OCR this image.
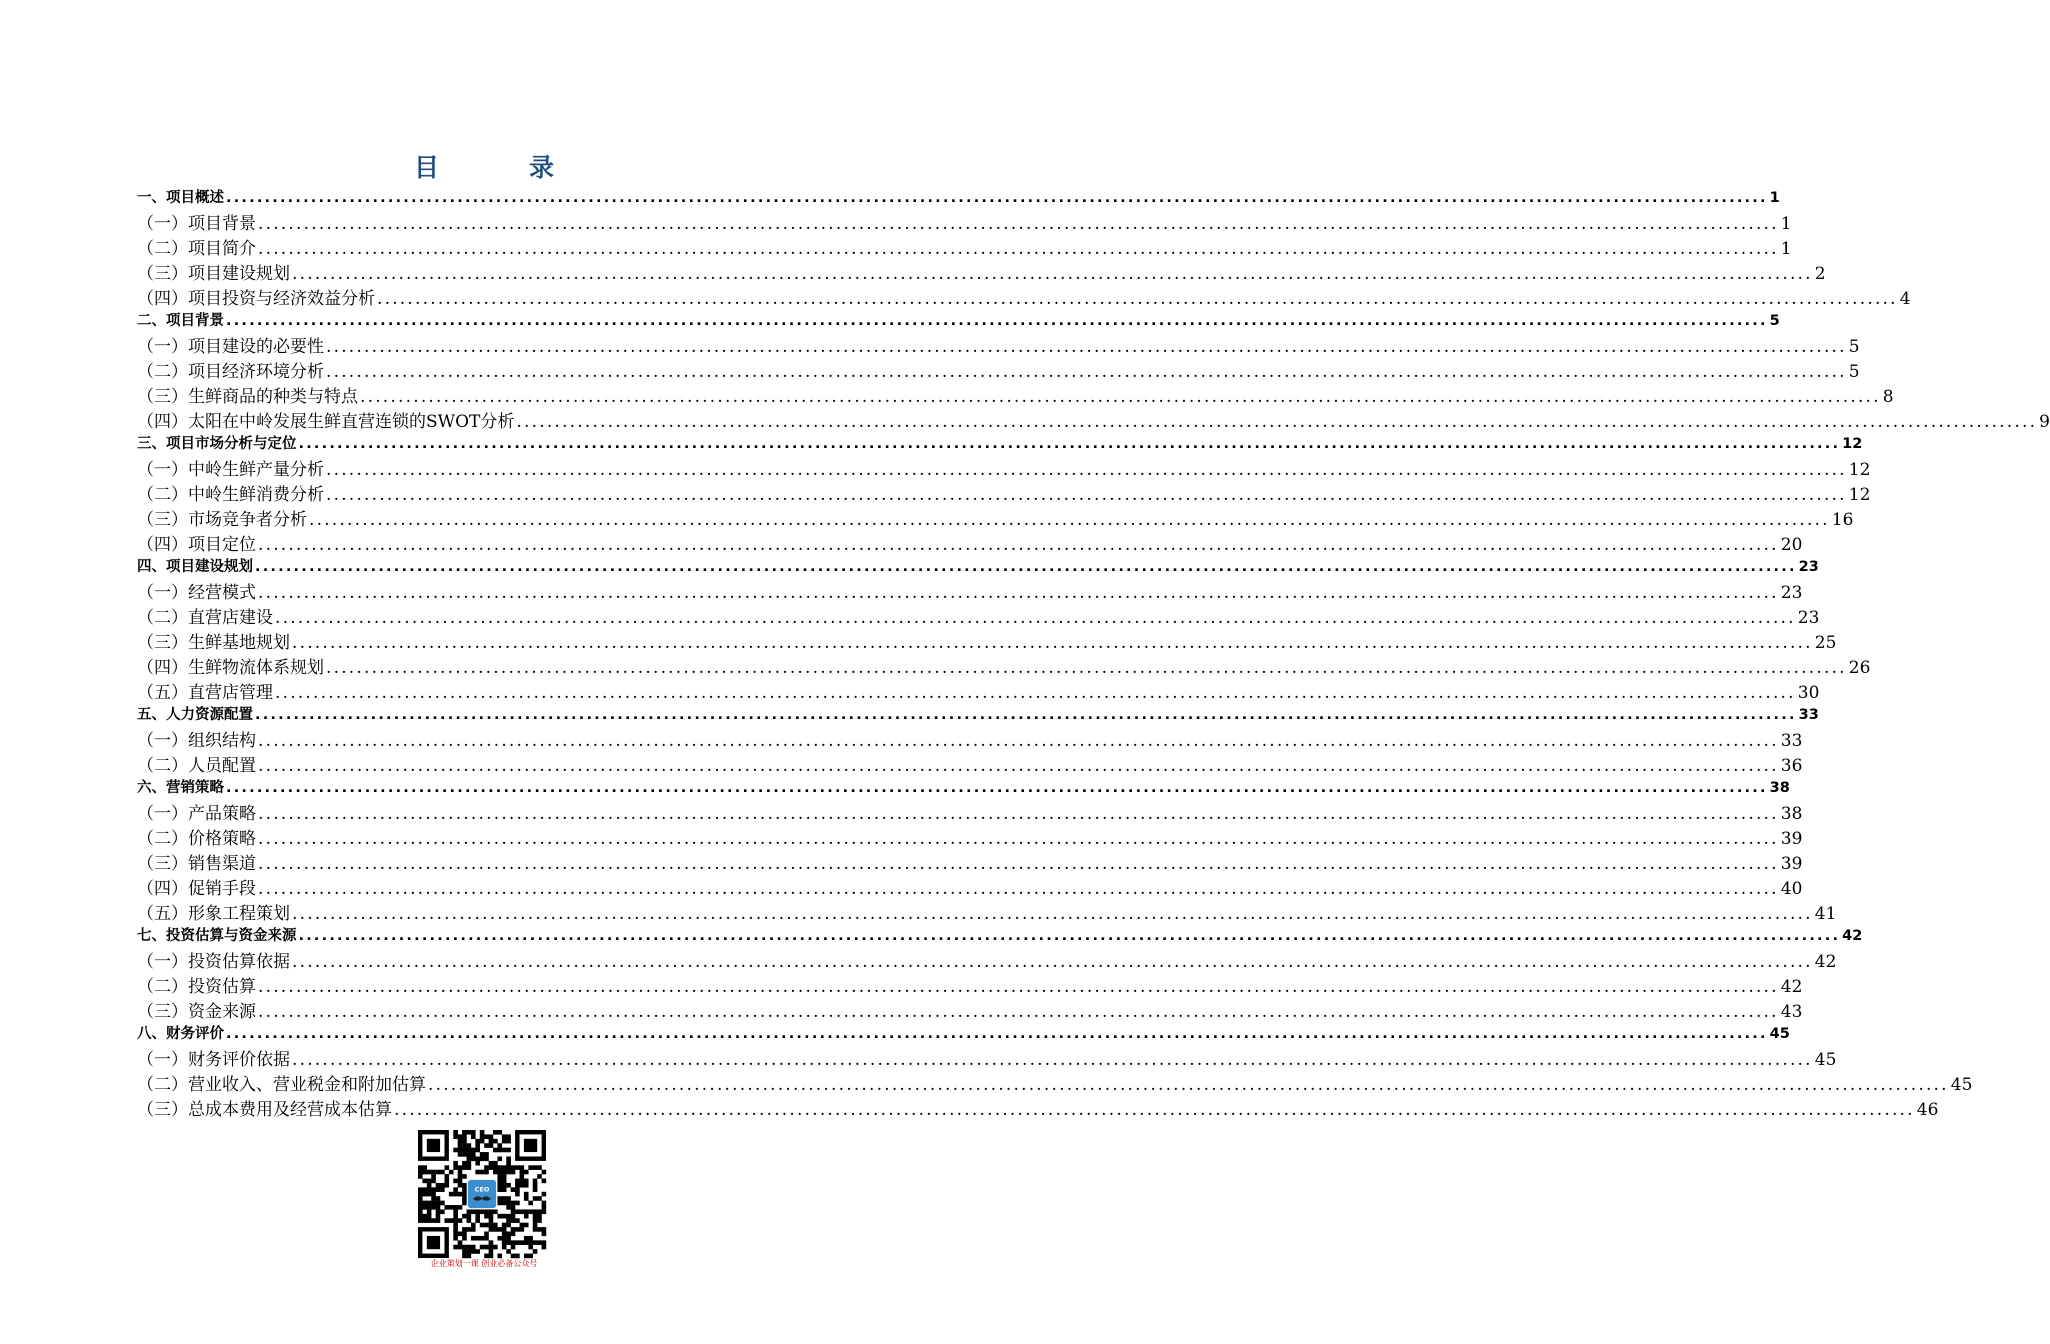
目	录
一、项目概述 ........................................................................................................................................................................................................ 1
（一）项目背景 ........................................................................................................................................................................................................ 1
（二）项目简介 ........................................................................................................................................................................................................ 1
（三）项目建设规划 ........................................................................................................................................................................................................ 2
（四）项目投资与经济效益分析 ........................................................................................................................................................................................................ 4
二、项目背景 ........................................................................................................................................................................................................ 5
（一）项目建设的必要性 ........................................................................................................................................................................................................ 5
（二）项目经济环境分析 ........................................................................................................................................................................................................ 5
（三）生鲜商品的种类与特点 ........................................................................................................................................................................................................ 8
（四）太阳在中岭发展生鲜直营连锁的SWOT分析 ........................................................................................................................................................................................................ 9
三、项目市场分析与定位 ........................................................................................................................................................................................................ 12
（一）中岭生鲜产量分析 ........................................................................................................................................................................................................ 12
（二）中岭生鲜消费分析 ........................................................................................................................................................................................................ 12
（三）市场竞争者分析 ........................................................................................................................................................................................................ 16
（四）项目定位 ........................................................................................................................................................................................................ 20
四、项目建设规划 ........................................................................................................................................................................................................ 23
（一）经营模式 ........................................................................................................................................................................................................ 23
（二）直营店建设 ........................................................................................................................................................................................................ 23
（三）生鲜基地规划 ........................................................................................................................................................................................................ 25
（四）生鲜物流体系规划 ........................................................................................................................................................................................................ 26
（五）直营店管理 ........................................................................................................................................................................................................ 30
五、人力资源配置 ........................................................................................................................................................................................................ 33
（一）组织结构 ........................................................................................................................................................................................................ 33
（二）人员配置 ........................................................................................................................................................................................................ 36
六、营销策略 ........................................................................................................................................................................................................ 38
（一）产品策略 ........................................................................................................................................................................................................ 38
（二）价格策略 ........................................................................................................................................................................................................ 39
（三）销售渠道 ........................................................................................................................................................................................................ 39
（四）促销手段 ........................................................................................................................................................................................................ 40
（五）形象工程策划 ........................................................................................................................................................................................................ 41
七、投资估算与资金来源 ........................................................................................................................................................................................................ 42
（一）投资估算依据 ........................................................................................................................................................................................................ 42
（二）投资估算 ........................................................................................................................................................................................................ 42
（三）资金来源 ........................................................................................................................................................................................................ 43
八、财务评价 ........................................................................................................................................................................................................ 45
（一）财务评价依据 ........................................................................................................................................................................................................ 45
（二）营业收入、营业税金和附加估算 ........................................................................................................................................................................................................ 45
（三）总成本费用及经营成本估算 ........................................................................................................................................................................................................ 46
CEO
企业策划一课 创业必备公众号
